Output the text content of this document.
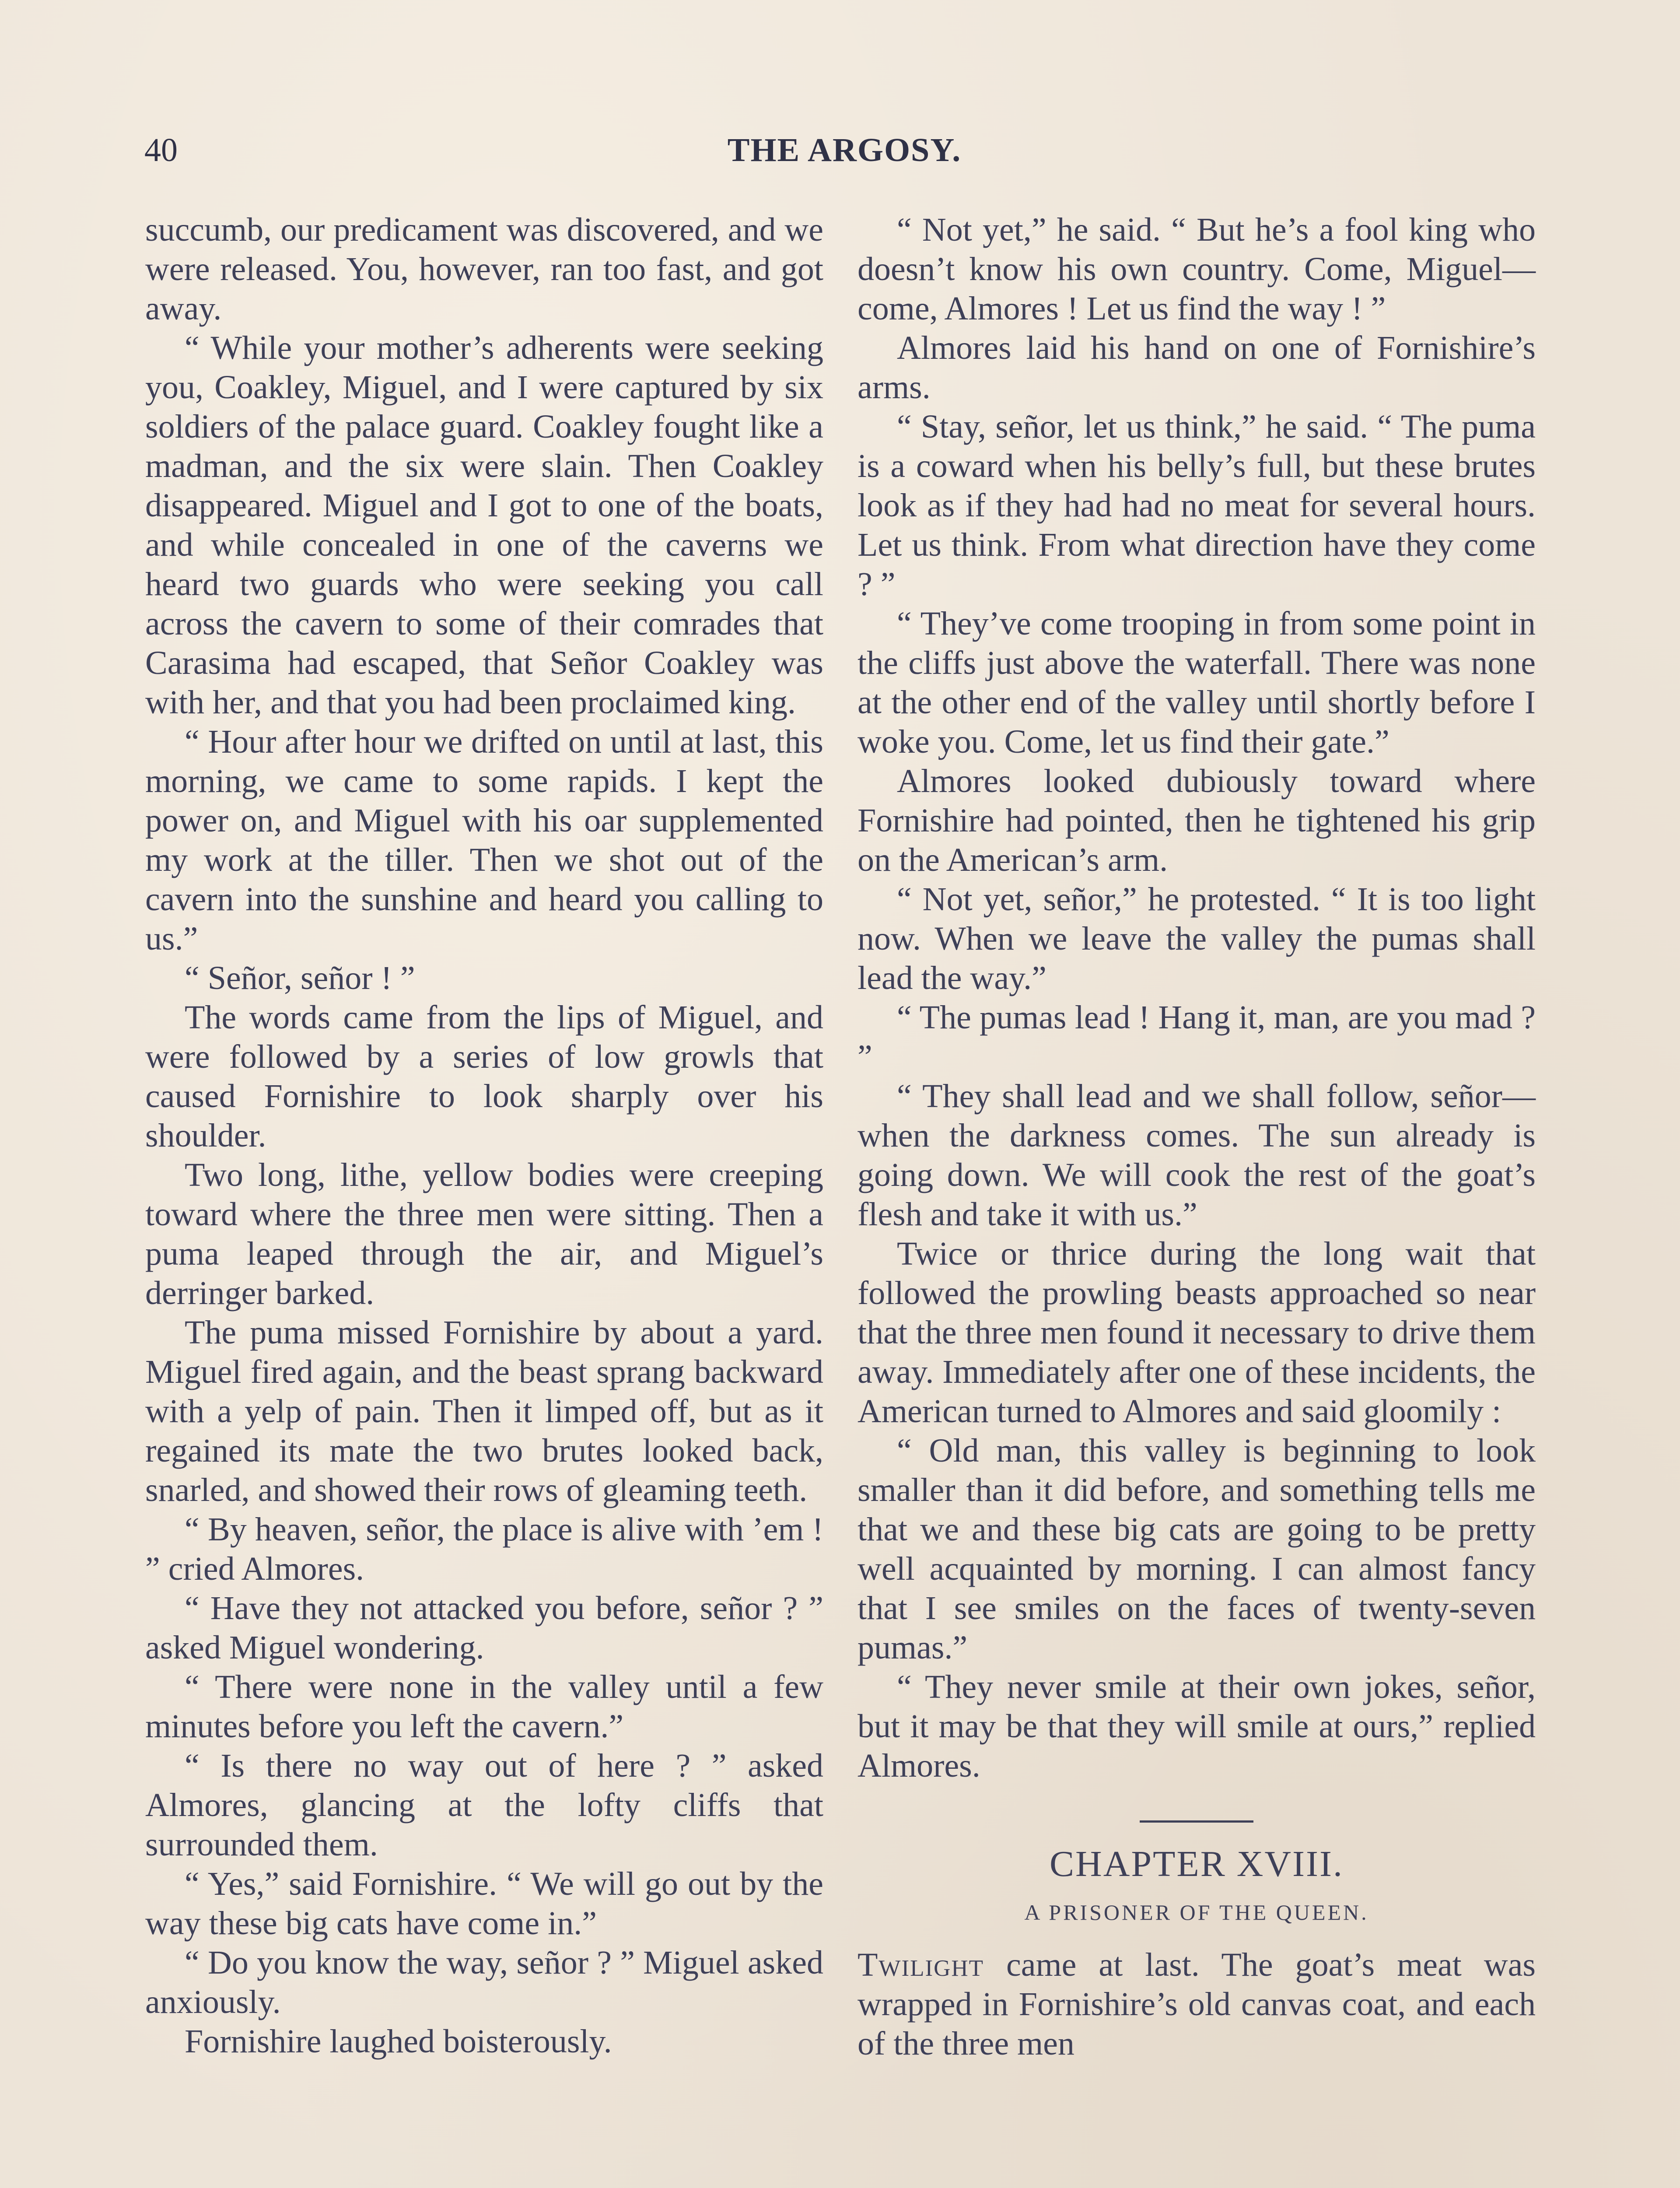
40	THE ARGOSY.

succumb, our predicament was discovered, and we were released. You, however, ran too fast, and got away.

“ While your mother’s adherents were seeking you, Coakley, Miguel, and I were captured by six soldiers of the palace guard. Coakley fought like a madman, and the six were slain. Then Coakley disappeared. Miguel and I got to one of the boats, and while concealed in one of the caverns we heard two guards who were seeking you call across the cavern to some of their comrades that Carasima had escaped, that Señor Coakley was with her, and that you had been proclaimed king.

“ Hour after hour we drifted on until at last, this morning, we came to some rapids. I kept the power on, and Miguel with his oar supplemented my work at the tiller. Then we shot out of the cavern into the sunshine and heard you calling to us.”

“ Señor, señor ! ”

The words came from the lips of Miguel, and were followed by a series of low growls that caused Fornishire to look sharply over his shoulder.

Two long, lithe, yellow bodies were creeping toward where the three men were sitting. Then a puma leaped through the air, and Miguel’s derringer barked.

The puma missed Fornishire by about a yard. Miguel fired again, and the beast sprang backward with a yelp of pain. Then it limped off, but as it regained its mate the two brutes looked back, snarled, and showed their rows of gleaming teeth.

“ By heaven, señor, the place is alive with ’em ! ” cried Almores.

“ Have they not attacked you before, señor ? ” asked Miguel wondering.

“ There were none in the valley until a few minutes before you left the cavern.”

“ Is there no way out of here ? ” asked Almores, glancing at the lofty cliffs that surrounded them.

“ Yes,” said Fornishire. “ We will go out by the way these big cats have come in.”

“ Do you know the way, señor ? ” Miguel asked anxiously.

Fornishire laughed boisterously.

“ Not yet,” he said. “ But he’s a fool king who doesn’t know his own country. Come, Miguel—come, Almores ! Let us find the way ! ”

Almores laid his hand on one of Fornishire’s arms.

“ Stay, señor, let us think,” he said. “ The puma is a coward when his belly’s full, but these brutes look as if they had had no meat for several hours. Let us think. From what direction have they come ? ”

“ They’ve come trooping in from some point in the cliffs just above the waterfall. There was none at the other end of the valley until shortly before I woke you. Come, let us find their gate.”

Almores looked dubiously toward where Fornishire had pointed, then he tightened his grip on the American’s arm.

“ Not yet, señor,” he protested. “ It is too light now. When we leave the valley the pumas shall lead the way.”

“ The pumas lead ! Hang it, man, are you mad ? ”

“ They shall lead and we shall follow, señor—when the darkness comes. The sun already is going down. We will cook the rest of the goat’s flesh and take it with us.”

Twice or thrice during the long wait that followed the prowling beasts approached so near that the three men found it necessary to drive them away. Immediately after one of these incidents, the American turned to Almores and said gloomily :

“ Old man, this valley is beginning to look smaller than it did before, and something tells me that we and these big cats are going to be pretty well acquainted by morning. I can almost fancy that I see smiles on the faces of twenty-seven pumas.”

“ They never smile at their own jokes, señor, but it may be that they will smile at ours,” replied Almores.

CHAPTER XVIII.
A PRISONER OF THE QUEEN.

Twilight came at last. The goat’s meat was wrapped in Fornishire’s old canvas coat, and each of the three men
